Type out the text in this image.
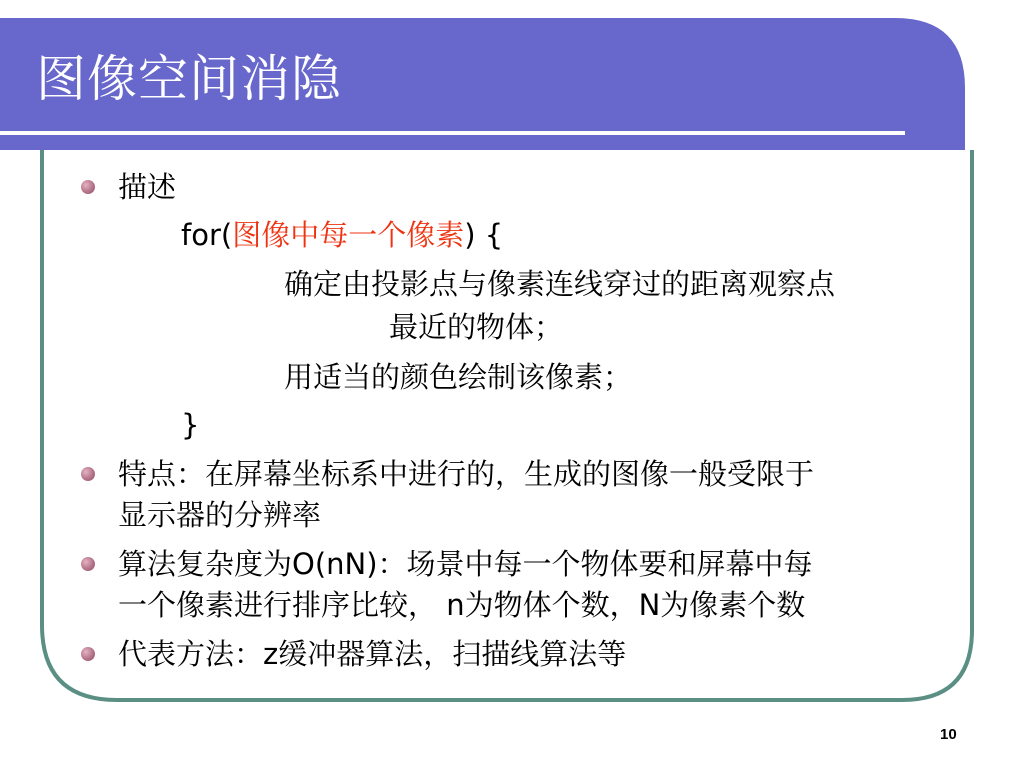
图像空间消隐
描述
for(图像中每一个像素) {
确定由投影点与像素连线穿过的距离观察点
最近的物体；
用适当的颜色绘制该像素；
}
特点：在屏幕坐标系中进行的，生成的图像一般受限于
显示器的分辨率
算法复杂度为O(nN)：场景中每一个物体要和屏幕中每
一个像素进行排序比较， n为物体个数，N为像素个数
代表方法：z缓冲器算法，扫描线算法等
10
